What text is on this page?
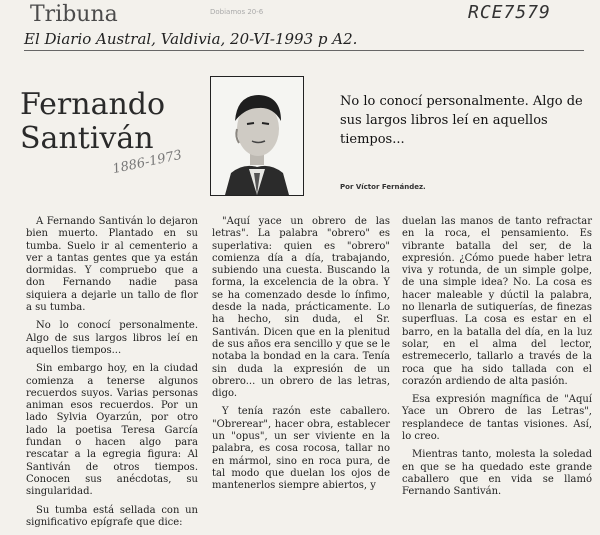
Tribuna	Dobiamos 20-6	RCE7579
El Diario Austral, Valdivia, 20-VI-1993 p A2.
Fernando
Santiván
1886-1973
No lo conocí personalmente. Algo de sus largos libros leí en aquellos tiempos...
Por Víctor Fernández.

A Fernando Santiván lo dejaron bien muerto. Plantado en su tumba. Suelo ir al cementerio a ver a tantas gentes que ya están dormidas. Y compruebo que a don Fernando nadie pasa siquiera a dejarle un tallo de flor a su tumba.

No lo conocí personalmente. Algo de sus largos libros leí en aquellos tiempos...

Sin embargo hoy, en la ciudad comienza a tenerse algunos recuerdos suyos. Varias personas animan esos recuerdos. Por un lado Sylvia Oyarzún, por otro lado la poetisa Teresa García fundan o hacen algo para rescatar a la egregia figura: Al Santiván de otros tiempos. Conocen sus anécdotas, su singularidad.

Su tumba está sellada con un significativo epígrafe que dice:

"Aquí yace un obrero de las letras". La palabra "obrero" es superlativa: quien es "obrero" comienza día a día, trabajando, subiendo una cuesta. Buscando la forma, la excelencia de la obra. Y se ha comenzado desde lo ínfimo, desde la nada, prácticamente. Lo ha hecho, sin duda, el Sr. Santiván. Dicen que en la plenitud de sus años era sencillo y que se le notaba la bondad en la cara. Tenía sin duda la expresión de un obrero... un obrero de las letras, digo.

Y tenía razón este caballero. "Obrerear", hacer obra, establecer un "opus", un ser viviente en la palabra, es cosa rocosa, tallar no en mármol, sino en roca pura, de tal modo que duelan los ojos de mantenerlos siempre abiertos, y

duelan las manos de tanto refractar en la roca, el pensamiento. Es vibrante batalla del ser, de la expresión. ¿Cómo puede haber letra viva y rotunda, de un simple golpe, de una simple idea? No. La cosa es hacer maleable y dúctil la palabra, no llenarla de sutiquerías, de finezas superfluas. La cosa es estar en el barro, en la batalla del día, en la luz solar, en el alma del lector, estremecerlo, tallarlo a través de la roca que ha sido tallada con el corazón ardiendo de alta pasión.

Esa expresión magnífica de "Aquí Yace un Obrero de las Letras", resplandece de tantas visiones. Así, lo creo.

Mientras tanto, molesta la soledad en que se ha quedado este grande caballero que en vida se llamó Fernando Santiván.
